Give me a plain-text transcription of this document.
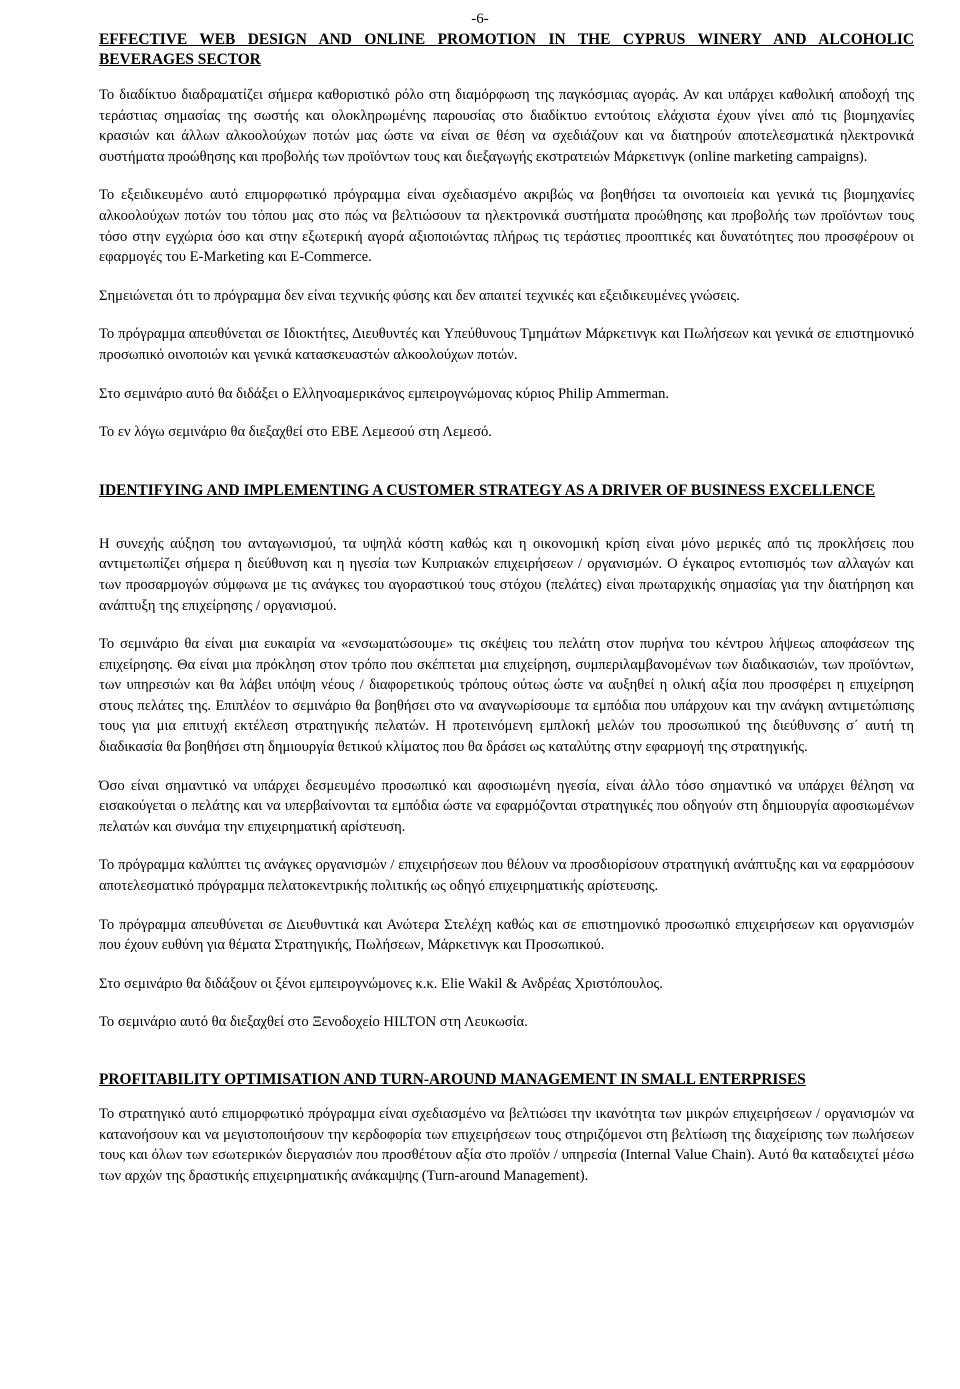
-6-
EFFECTIVE WEB DESIGN AND ONLINE PROMOTION IN THE CYPRUS WINERY AND ALCOHOLIC BEVERAGES SECTOR

Το διαδίκτυο διαδραματίζει σήμερα καθοριστικό ρόλο στη διαμόρφωση της παγκόσμιας αγοράς. Αν και υπάρχει καθολική αποδοχή της τεράστιας σημασίας της σωστής και ολοκληρωμένης παρουσίας στο διαδίκτυο εντούτοις ελάχιστα έχουν γίνει από τις βιομηχανίες κρασιών και άλλων αλκοολούχων ποτών μας ώστε να είναι σε θέση να σχεδιάζουν και να διατηρούν αποτελεσματικά ηλεκτρονικά συστήματα προώθησης και προβολής των προϊόντων τους και διεξαγωγής εκστρατειών Μάρκετινγκ (online marketing campaigns).

Το εξειδικευμένο αυτό επιμορφωτικό πρόγραμμα είναι σχεδιασμένο ακριβώς να βοηθήσει τα οινοποιεία και γενικά τις βιομηχανίες αλκοολούχων ποτών του τόπου μας στο πώς να βελτιώσουν τα ηλεκτρονικά συστήματα προώθησης και προβολής των προϊόντων τους τόσο στην εγχώρια όσο και στην εξωτερική αγορά αξιοποιώντας πλήρως τις τεράστιες προοπτικές και δυνατότητες που προσφέρουν οι εφαρμογές του E-Marketing και E-Commerce.

Σημειώνεται ότι το πρόγραμμα δεν είναι τεχνικής φύσης και δεν απαιτεί τεχνικές και εξειδικευμένες γνώσεις.

Το πρόγραμμα απευθύνεται σε Ιδιοκτήτες, Διευθυντές και Υπεύθυνους Τμημάτων Μάρκετινγκ και Πωλήσεων και γενικά σε επιστημονικό προσωπικό οινοποιών και γενικά κατασκευαστών αλκοολούχων ποτών.

Στο σεμινάριο αυτό θα διδάξει ο Ελληνοαμερικάνος εμπειρογνώμονας κύριος Philip Ammerman.

Το εν λόγω σεμινάριο θα διεξαχθεί στο ΕΒΕ Λεμεσού στη Λεμεσό.

IDENTIFYING AND IMPLEMENTING A CUSTOMER STRATEGY AS A DRIVER OF BUSINESS EXCELLENCE

Η συνεχής αύξηση του ανταγωνισμού, τα υψηλά κόστη καθώς και η οικονομική κρίση είναι μόνο μερικές από τις προκλήσεις που αντιμετωπίζει σήμερα η διεύθυνση και η ηγεσία των Κυπριακών επιχειρήσεων / οργανισμών. Ο έγκαιρος εντοπισμός των αλλαγών και των προσαρμογών σύμφωνα με τις ανάγκες του αγοραστικού τους στόχου (πελάτες) είναι πρωταρχικής σημασίας για την διατήρηση και ανάπτυξη της επιχείρησης / οργανισμού.

Το σεμινάριο θα είναι μια ευκαιρία να «ενσωματώσουμε» τις σκέψεις του πελάτη στον πυρήνα του κέντρου λήψεως αποφάσεων της επιχείρησης. Θα είναι μια πρόκληση στον τρόπο που σκέπτεται μια επιχείρηση, συμπεριλαμβανομένων των διαδικασιών, των προϊόντων, των υπηρεσιών και θα λάβει υπόψη νέους / διαφορετικούς τρόπους ούτως ώστε να αυξηθεί η ολική αξία που προσφέρει η επιχείρηση στους πελάτες της. Επιπλέον το σεμινάριο θα βοηθήσει στο να αναγνωρίσουμε τα εμπόδια που υπάρχουν και την ανάγκη αντιμετώπισης τους για μια επιτυχή εκτέλεση στρατηγικής πελατών. Η προτεινόμενη εμπλοκή μελών του προσωπικού της διεύθυνσης σ΄ αυτή τη διαδικασία θα βοηθήσει στη δημιουργία θετικού κλίματος που θα δράσει ως καταλύτης στην εφαρμογή της στρατηγικής.

Όσο είναι σημαντικό να υπάρχει δεσμευμένο προσωπικό και αφοσιωμένη ηγεσία, είναι άλλο τόσο σημαντικό να υπάρχει θέληση να εισακούγεται ο πελάτης και να υπερβαίνονται τα εμπόδια ώστε να εφαρμόζονται στρατηγικές που οδηγούν στη δημιουργία αφοσιωμένων πελατών και συνάμα την επιχειρηματική αρίστευση.

Το πρόγραμμα καλύπτει τις ανάγκες οργανισμών / επιχειρήσεων που θέλουν να προσδιορίσουν στρατηγική ανάπτυξης και να εφαρμόσουν αποτελεσματικό πρόγραμμα πελατοκεντρικής πολιτικής ως οδηγό επιχειρηματικής αρίστευσης.

Το πρόγραμμα απευθύνεται σε Διευθυντικά και Ανώτερα Στελέχη καθώς και σε επιστημονικό προσωπικό επιχειρήσεων και οργανισμών που έχουν ευθύνη για θέματα Στρατηγικής, Πωλήσεων, Μάρκετινγκ και Προσωπικού.

Στο σεμινάριο θα διδάξουν οι ξένοι εμπειρογνώμονες κ.κ. Elie Wakil & Ανδρέας Χριστόπουλος.

Το σεμινάριο αυτό θα διεξαχθεί στο Ξενοδοχείο HILTON στη Λευκωσία.

PROFITABILITY OPTIMISATION AND TURN-AROUND MANAGEMENT IN SMALL ENTERPRISES

Το στρατηγικό αυτό επιμορφωτικό πρόγραμμα είναι σχεδιασμένο να βελτιώσει την ικανότητα των μικρών επιχειρήσεων / οργανισμών να κατανοήσουν και να μεγιστοποιήσουν την κερδοφορία των επιχειρήσεων τους στηριζόμενοι στη βελτίωση της διαχείρισης των πωλήσεων τους και όλων των εσωτερικών διεργασιών που προσθέτουν αξία στο προϊόν / υπηρεσία (Internal Value Chain). Αυτό θα καταδειχτεί μέσω των αρχών της δραστικής επιχειρηματικής ανάκαμψης (Turn-around Management).
